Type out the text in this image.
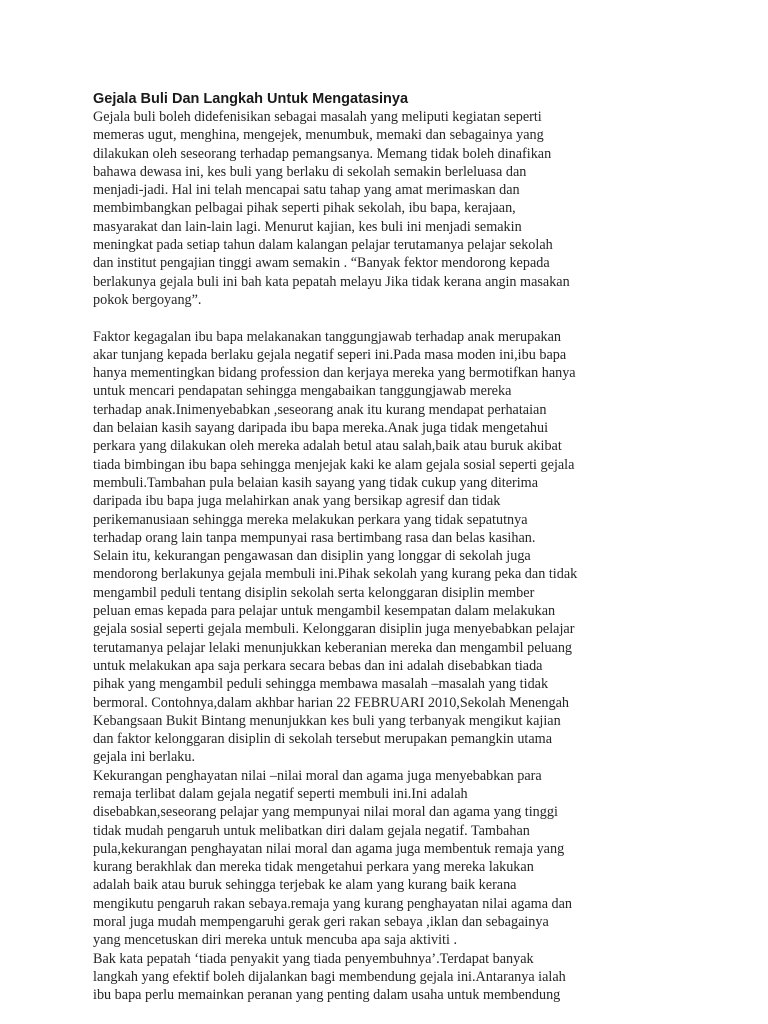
Gejala Buli Dan Langkah Untuk Mengatasinya
Gejala buli boleh didefenisikan sebagai masalah yang meliputi kegiatan seperti
memeras ugut, menghina, mengejek, menumbuk, memaki dan sebagainya yang
dilakukan oleh seseorang terhadap pemangsanya. Memang tidak boleh dinafikan
bahawa dewasa ini, kes buli yang berlaku di sekolah semakin berleluasa dan
menjadi-jadi. Hal ini telah mencapai satu tahap yang amat merimaskan dan
membimbangkan pelbagai pihak seperti pihak sekolah, ibu bapa, kerajaan,
masyarakat dan lain-lain lagi. Menurut kajian, kes buli ini menjadi semakin
meningkat pada setiap tahun dalam kalangan pelajar terutamanya pelajar sekolah
dan institut pengajian tinggi awam semakin . “Banyak fektor mendorong kepada
berlakunya gejala buli ini bah kata pepatah melayu Jika tidak kerana angin masakan
pokok bergoyang”.
Faktor kegagalan ibu bapa melakanakan tanggungjawab terhadap anak merupakan
akar tunjang kepada berlaku gejala negatif seperi ini.Pada masa moden ini,ibu bapa
hanya mementingkan bidang profession dan kerjaya mereka yang bermotifkan hanya
untuk mencari pendapatan sehingga mengabaikan tanggungjawab mereka
terhadap anak.Inimenyebabkan ,seseorang anak itu kurang mendapat perhataian
dan belaian kasih sayang daripada ibu bapa mereka.Anak juga tidak mengetahui
perkara yang dilakukan oleh mereka adalah betul atau salah,baik atau buruk akibat
tiada bimbingan ibu bapa sehingga menjejak kaki ke alam gejala sosial seperti gejala
membuli.Tambahan pula belaian kasih sayang yang tidak cukup yang diterima
daripada ibu bapa juga melahirkan anak yang bersikap agresif dan tidak
perikemanusiaan sehingga mereka melakukan perkara yang tidak sepatutnya
terhadap orang lain tanpa mempunyai rasa bertimbang rasa dan belas kasihan.
Selain itu, kekurangan pengawasan dan disiplin yang longgar di sekolah juga
mendorong berlakunya gejala membuli ini.Pihak sekolah yang kurang peka dan tidak
mengambil peduli tentang disiplin sekolah serta kelonggaran disiplin member
peluan emas kepada para pelajar untuk mengambil kesempatan dalam melakukan
gejala sosial seperti gejala membuli. Kelonggaran disiplin juga menyebabkan pelajar
terutamanya pelajar lelaki menunjukkan keberanian mereka dan mengambil peluang
untuk melakukan apa saja perkara secara bebas dan ini adalah disebabkan tiada
pihak yang mengambil peduli sehingga membawa masalah –masalah yang tidak
bermoral. Contohnya,dalam akhbar harian 22 FEBRUARI 2010,Sekolah Menengah
Kebangsaan Bukit Bintang menunjukkan kes buli yang terbanyak mengikut kajian
dan faktor kelonggaran disiplin di sekolah tersebut merupakan pemangkin utama
gejala ini berlaku.
Kekurangan penghayatan nilai –nilai moral dan agama juga menyebabkan para
remaja terlibat dalam gejala negatif seperti membuli ini.Ini adalah
disebabkan,seseorang pelajar yang mempunyai nilai moral dan agama yang tinggi
tidak mudah pengaruh untuk melibatkan diri dalam gejala negatif. Tambahan
pula,kekurangan penghayatan nilai moral dan agama juga membentuk remaja yang
kurang berakhlak dan mereka tidak mengetahui perkara yang mereka lakukan
adalah baik atau buruk sehingga terjebak ke alam yang kurang baik kerana
mengikutu pengaruh rakan sebaya.remaja yang kurang penghayatan nilai agama dan
moral juga mudah mempengaruhi gerak geri rakan sebaya ,iklan dan sebagainya
yang mencetuskan diri mereka untuk mencuba apa saja aktiviti .
Bak kata pepatah ‘tiada penyakit yang tiada penyembuhnya’.Terdapat banyak
langkah yang efektif boleh dijalankan bagi membendung gejala ini.Antaranya ialah
ibu bapa perlu memainkan peranan yang penting dalam usaha untuk membendung
